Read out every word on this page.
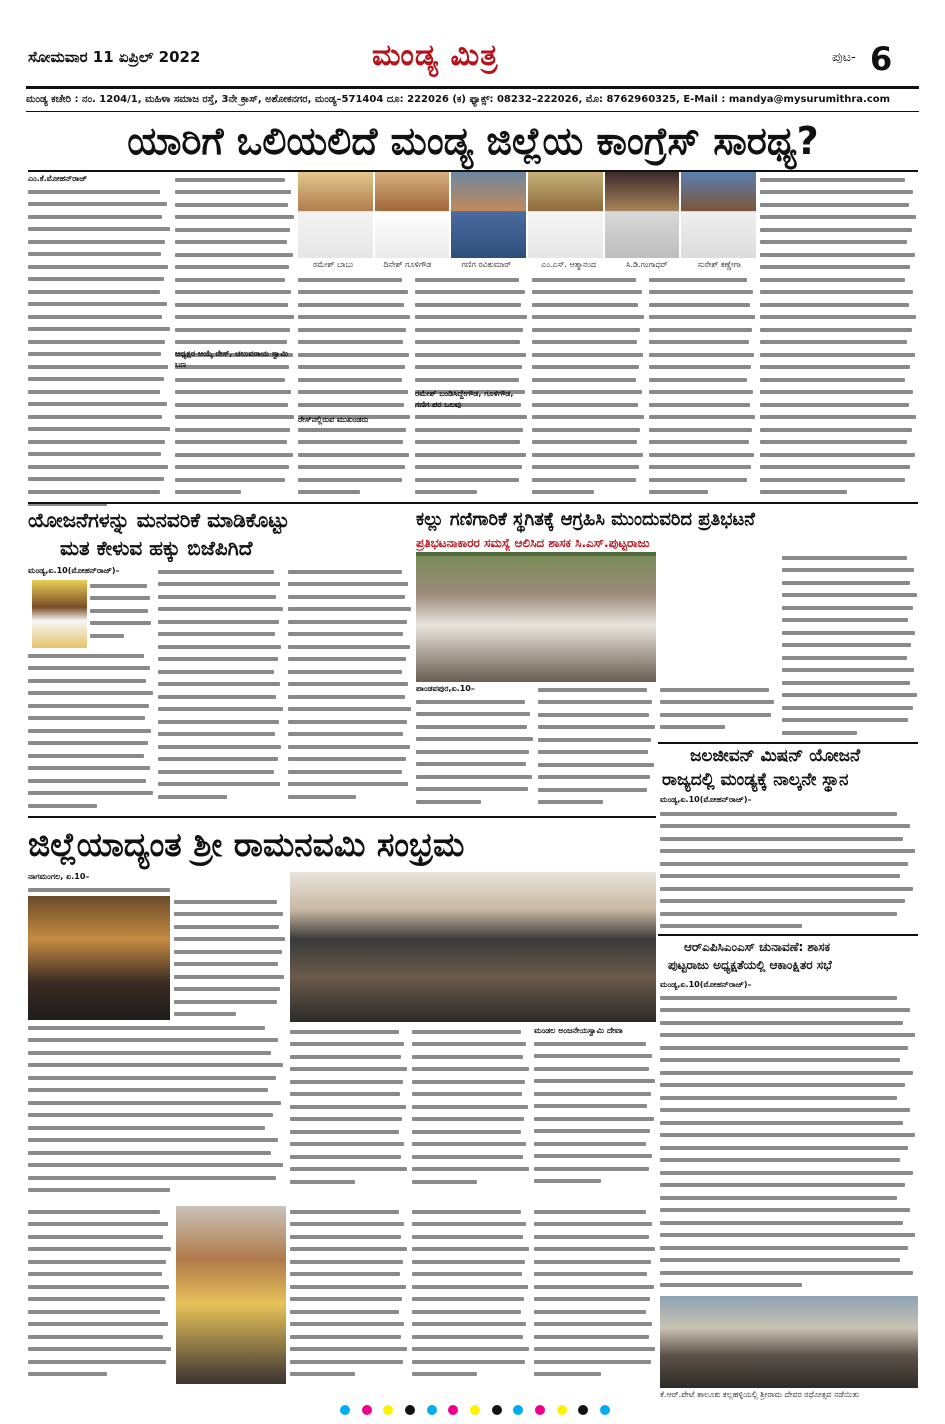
ಸೋಮವಾರ 11 ಏಪ್ರಿಲ್ 2022	ಮಂಡ್ಯ ಮಿತ್ರ	ಪುಟ- 6
ಮಂಡ್ಯ ಕಚೇರಿ : ನಂ. 1204/1, ಮಹಿಳಾ ಸಮಾಜ ರಸ್ತೆ, 3ನೇ ಕ್ರಾಸ್, ಅಶೋಕನಗರ, ಮಂಡ್ಯ–571404 ದೂ: 222026 (ಕ) ಫ್ಯಾಕ್ಸ್: 08232–222026, ಮೊ: 8762960325, E-Mail : mandya@mysurumithra.com
ಯಾರಿಗೆ ಒಲಿಯಲಿದೆ ಮಂಡ್ಯ ಜಿಲ್ಲೆಯ ಕಾಂಗ್ರೆಸ್ ಸಾರಥ್ಯ?
ಎಂ.ಕೆ.ಮೋಹನ್‌ರಾಜ್
ರಮೇಶ್ ಬಾಬು	ದಿನೇಶ್ ಗೂಳಿಗೌಡ	ಗಣಿಗ ರವಿಕುಮಾರ್	ಎಂ.ಎಸ್. ಆತ್ಮಾನಂದ	ಸಿ.ಡಿ.ಗಂಗಾಧರ್	ಸುರೇಶ್ ಕಣ್ಣೇಗಾ
ಅಧ್ಯಕ್ಷರ ಆಯ್ಕೆ ರೇಸ್, ಚಲುವರಾಯ ಸ್ವಾಮಿ ಬಣ
ರೇಸ್‌ನಲ್ಲಿರುವ ಮುಖಂಡರು
ರಮೇಶ್ ಬಂಡಿಸಿದ್ದೇಗೌಡ, ಗೂಳಿಗೌಡ, ಗಣಿಗ ಪರ ಒಲವು
ಯೋಜನೆಗಳನ್ನು ಮನವರಿಕೆ ಮಾಡಿಕೊಟ್ಟು
ಮತ ಕೇಳುವ ಹಕ್ಕು ಬಿಜೆಪಿಗಿದೆ
ಮಂಡ್ಯ,ಏ.10(ಮೋಹನ್‌ರಾಜ್)–
ಕಲ್ಲು ಗಣಿಗಾರಿಕೆ ಸ್ಥಗಿತಕ್ಕೆ ಆಗ್ರಹಿಸಿ ಮುಂದುವರಿದ ಪ್ರತಿಭಟನೆ
ಪ್ರತಿಭಟನಾಕಾರರ ಸಮಸ್ಯೆ ಆಲಿಸಿದ ಶಾಸಕ ಸಿ.ಎಸ್.ಪುಟ್ಟರಾಜು
ಪಾಂಡವಪುರ,ಏ.10–
ಜಲಜೀವನ್ ಮಿಷನ್ ಯೋಜನೆ
ರಾಜ್ಯದಲ್ಲಿ ಮಂಡ್ಯಕ್ಕೆ ನಾಲ್ಕನೇ ಸ್ಥಾನ
ಮಂಡ್ಯ,ಏ.10(ಮೋಹನ್‌ರಾಜ್)–
ಜಿಲ್ಲೆಯಾದ್ಯಂತ ಶ್ರೀ ರಾಮನವಮಿ ಸಂಭ್ರಮ
ನಾಗಮಂಗಲ, ಏ.10–
ಮಂಡಲ ಅಂಜನೇಯಸ್ವಾಮಿ ದೇವಾ
ಆರ್‌ಎಪಿಸಿಎಂಎಸ್ ಚುನಾವಣೆ: ಶಾಸಕ
ಪುಟ್ಟರಾಜು ಅಧ್ಯಕ್ಷತೆಯಲ್ಲಿ ಆಕಾಂಕ್ಷಿತರ ಸಭೆ
ಮಂಡ್ಯ,ಏ.10(ಮೋಹನ್‌ರಾಜ್)–
ಕೆ.ಆರ್.ಪೇಟೆ ತಾಲೂಕು ಕಲ್ಲಹಳ್ಳಿಯಲ್ಲಿ ಶ್ರೀರಾಮ ದೇವರ ರಥೋತ್ಸವ ನಡೆಯಿತು
